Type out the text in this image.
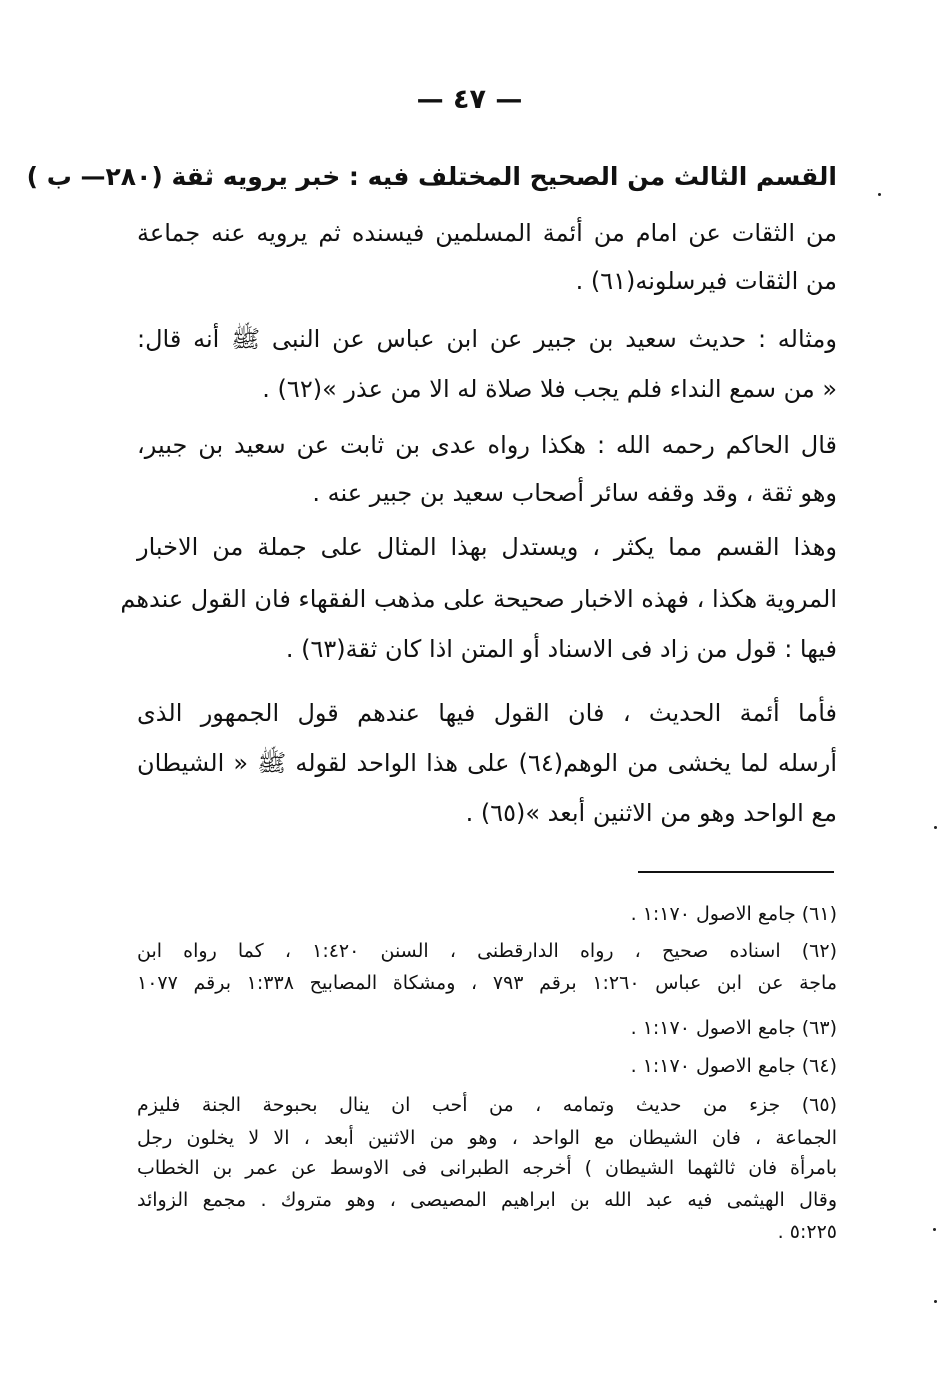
— ٤٧ —
القسم الثالث من الصحيح المختلف فيه : خبر يرويه ثقة (٢٨٠— ب )
من الثقات عن امام من أئمة المسلمين فيسنده ثم يرويه عنه جماعة
من الثقات فيرسلونه(٦١) .
ومثاله : حديث سعيد بن جبير عن ابن عباس عن النبى ﷺ أنه قال:
« من سمع النداء فلم يجب فلا صلاة له الا من عذر »(٦٢) .
قال الحاكم رحمه الله : هكذا رواه عدى بن ثابت عن سعيد بن جبير،
وهو ثقة ، وقد وقفه سائر أصحاب سعيد بن جبير عنه .
وهذا القسم مما يكثر ، ويستدل بهذا المثال على جملة من الاخبار
المروية هكذا ، فهذه الاخبار صحيحة على مذهب الفقهاء فان القول عندهم
فيها : قول من زاد فى الاسناد أو المتن اذا كان ثقة(٦٣) .
فأما أئمة الحديث ، فان القول فيها عندهم قول الجمهور الذى
أرسله لما يخشى من الوهم(٦٤) على هذا الواحد لقوله ﷺ « الشيطان
مع الواحد وهو من الاثنين أبعد »(٦٥) .
(٦١) جامع الاصول ١:١٧٠ .
(٦٢) اسناده صحيح ، رواه الدارقطنى ، السنن ١:٤٢٠ ، كما رواه ابن
ماجة عن ابن عباس ١:٢٦٠ برقم ٧٩٣ ، ومشكاة المصابيح ١:٣٣٨ برقم ١٠٧٧
(٦٣) جامع الاصول ١:١٧٠ .
(٦٤) جامع الاصول ١:١٧٠ .
(٦٥) جزء من حديث وتمامه ، من أحب ان ينال بحبوحة الجنة فليزم
الجماعة ، فان الشيطان مع الواحد ، وهو من الاثنين أبعد ، الا لا يخلون رجل
بامرأة فان ثالثهما الشيطان ) أخرجه الطبرانى فى الاوسط عن عمر بن الخطاب
وقال الهيثمى فيه عبد الله بن ابراهيم المصيصى ، وهو متروك . مجمع الزوائد
٥:٢٢٥ .
